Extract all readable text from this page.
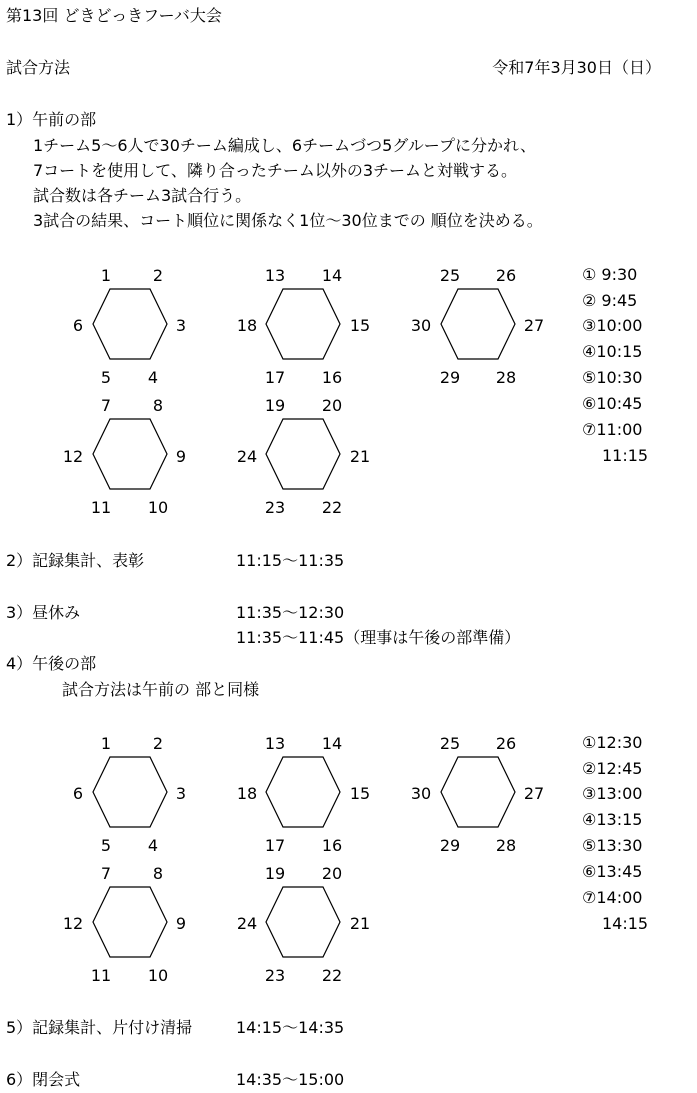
第13回 どきどっきフーバ大会
試合方法	令和7年3月30日（日）
1）午前の部
1チーム5～6人で30チーム編成し、6チームづつ5グループに分かれ、
7コートを使用して、隣り合ったチーム以外の3チームと対戦する。
試合数は各チーム3試合行う。
3試合の結果、コート順位に関係なく1位～30位までの 順位を決める。
1	2
6	3
5	4
13	14
18	15
17	16
25	26
30	27
29	28
7	8
12	9
11	10
19	20
24	21
23	22
① 9:30
② 9:45
③10:00
④10:15
⑤10:30
⑥10:45
⑦11:00
11:15
2）記録集計、表彰	11:15～11:35
3）昼休み	11:35～12:30
11:35～11:45（理事は午後の部準備）
4）午後の部
試合方法は午前の 部と同様
1	2
6	3
5	4
13	14
18	15
17	16
25	26
30	27
29	28
7	8
12	9
11	10
19	20
24	21
23	22
①12:30
②12:45
③13:00
④13:15
⑤13:30
⑥13:45
⑦14:00
14:15
5）記録集計、片付け清掃	14:15～14:35
6）閉会式	14:35～15:00
